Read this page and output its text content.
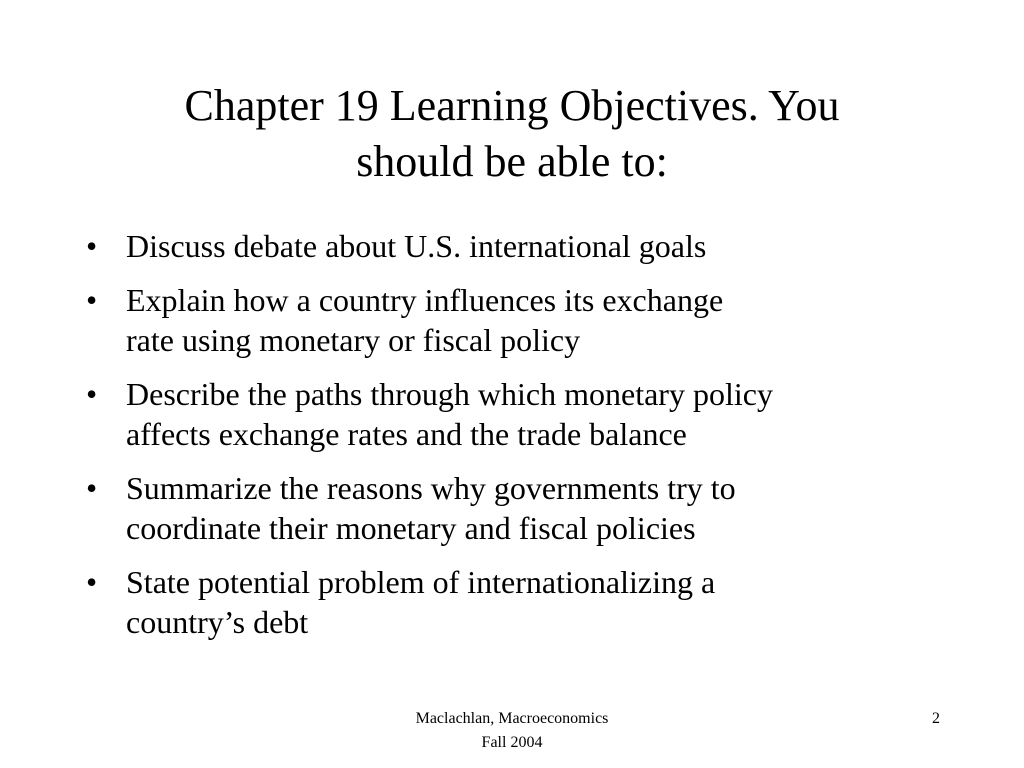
Chapter 19 Learning Objectives. You
should be able to:
• Discuss debate about U.S. international goals
• Explain how a country influences its exchange
rate using monetary or fiscal policy
• Describe the paths through which monetary policy
affects exchange rates and the trade balance
• Summarize the reasons why governments try to
coordinate their monetary and fiscal policies
• State potential problem of internationalizing a
country’s debt
Maclachlan, Macroeconomics
Fall 2004
2
